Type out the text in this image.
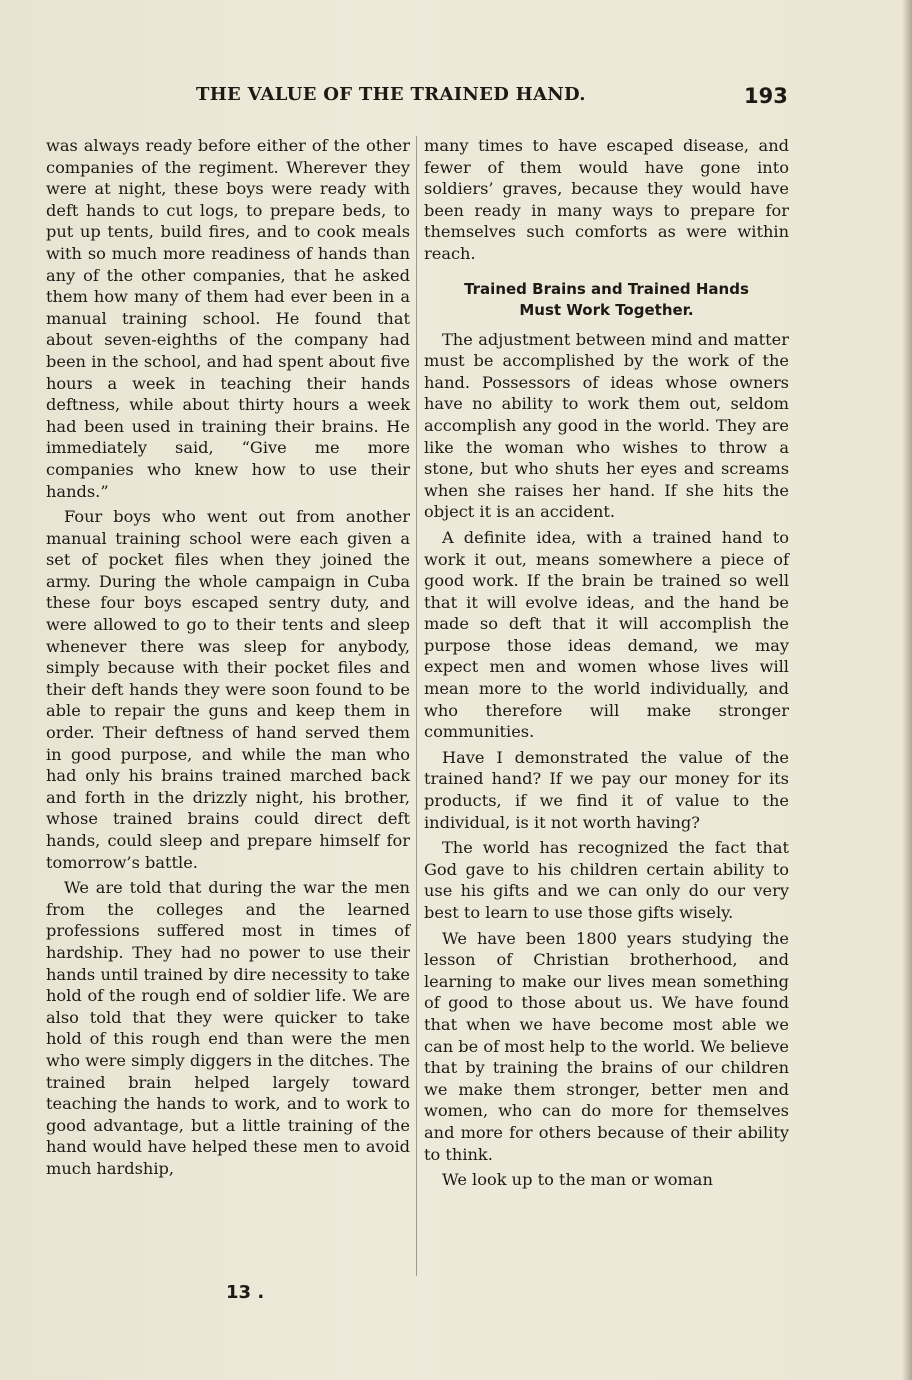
THE VALUE OF THE TRAINED HAND.	193

was always ready before either of the other companies of the regiment. Wherever they were at night, these boys were ready with deft hands to cut logs, to prepare beds, to put up tents, build fires, and to cook meals with so much more readiness of hands than any of the other companies, that he asked them how many of them had ever been in a manual training school. He found that about seven-eighths of the company had been in the school, and had spent about five hours a week in teaching their hands deftness, while about thirty hours a week had been used in training their brains. He immediately said, “Give me more companies who knew how to use their hands.”

Four boys who went out from another manual training school were each given a set of pocket files when they joined the army. During the whole campaign in Cuba these four boys escaped sentry duty, and were allowed to go to their tents and sleep whenever there was sleep for anybody, simply because with their pocket files and their deft hands they were soon found to be able to repair the guns and keep them in order. Their deftness of hand served them in good purpose, and while the man who had only his brains trained marched back and forth in the drizzly night, his brother, whose trained brains could direct deft hands, could sleep and prepare himself for tomorrow’s battle.

We are told that during the war the men from the colleges and the learned professions suffered most in times of hardship. They had no power to use their hands until trained by dire necessity to take hold of the rough end of soldier life. We are also told that they were quicker to take hold of this rough end than were the men who were simply diggers in the ditches. The trained brain helped largely toward teaching the hands to work, and to work to good advantage, but a little training of the hand would have helped these men to avoid much hardship,

many times to have escaped disease, and fewer of them would have gone into soldiers’ graves, because they would have been ready in many ways to prepare for themselves such comforts as were within reach.

Trained Brains and Trained Hands
Must Work Together.

The adjustment between mind and matter must be accomplished by the work of the hand. Possessors of ideas whose owners have no ability to work them out, seldom accomplish any good in the world. They are like the woman who wishes to throw a stone, but who shuts her eyes and screams when she raises her hand. If she hits the object it is an accident.

A definite idea, with a trained hand to work it out, means somewhere a piece of good work. If the brain be trained so well that it will evolve ideas, and the hand be made so deft that it will accomplish the purpose those ideas demand, we may expect men and women whose lives will mean more to the world individually, and who therefore will make stronger communities.

Have I demonstrated the value of the trained hand? If we pay our money for its products, if we find it of value to the individual, is it not worth having?

The world has recognized the fact that God gave to his children certain ability to use his gifts and we can only do our very best to learn to use those gifts wisely.

We have been 1800 years studying the lesson of Christian brotherhood, and learning to make our lives mean something of good to those about us. We have found that when we have become most able we can be of most help to the world. We believe that by training the brains of our children we make them stronger, better men and women, who can do more for themselves and more for others because of their ability to think.

We look up to the man or woman

13 .
